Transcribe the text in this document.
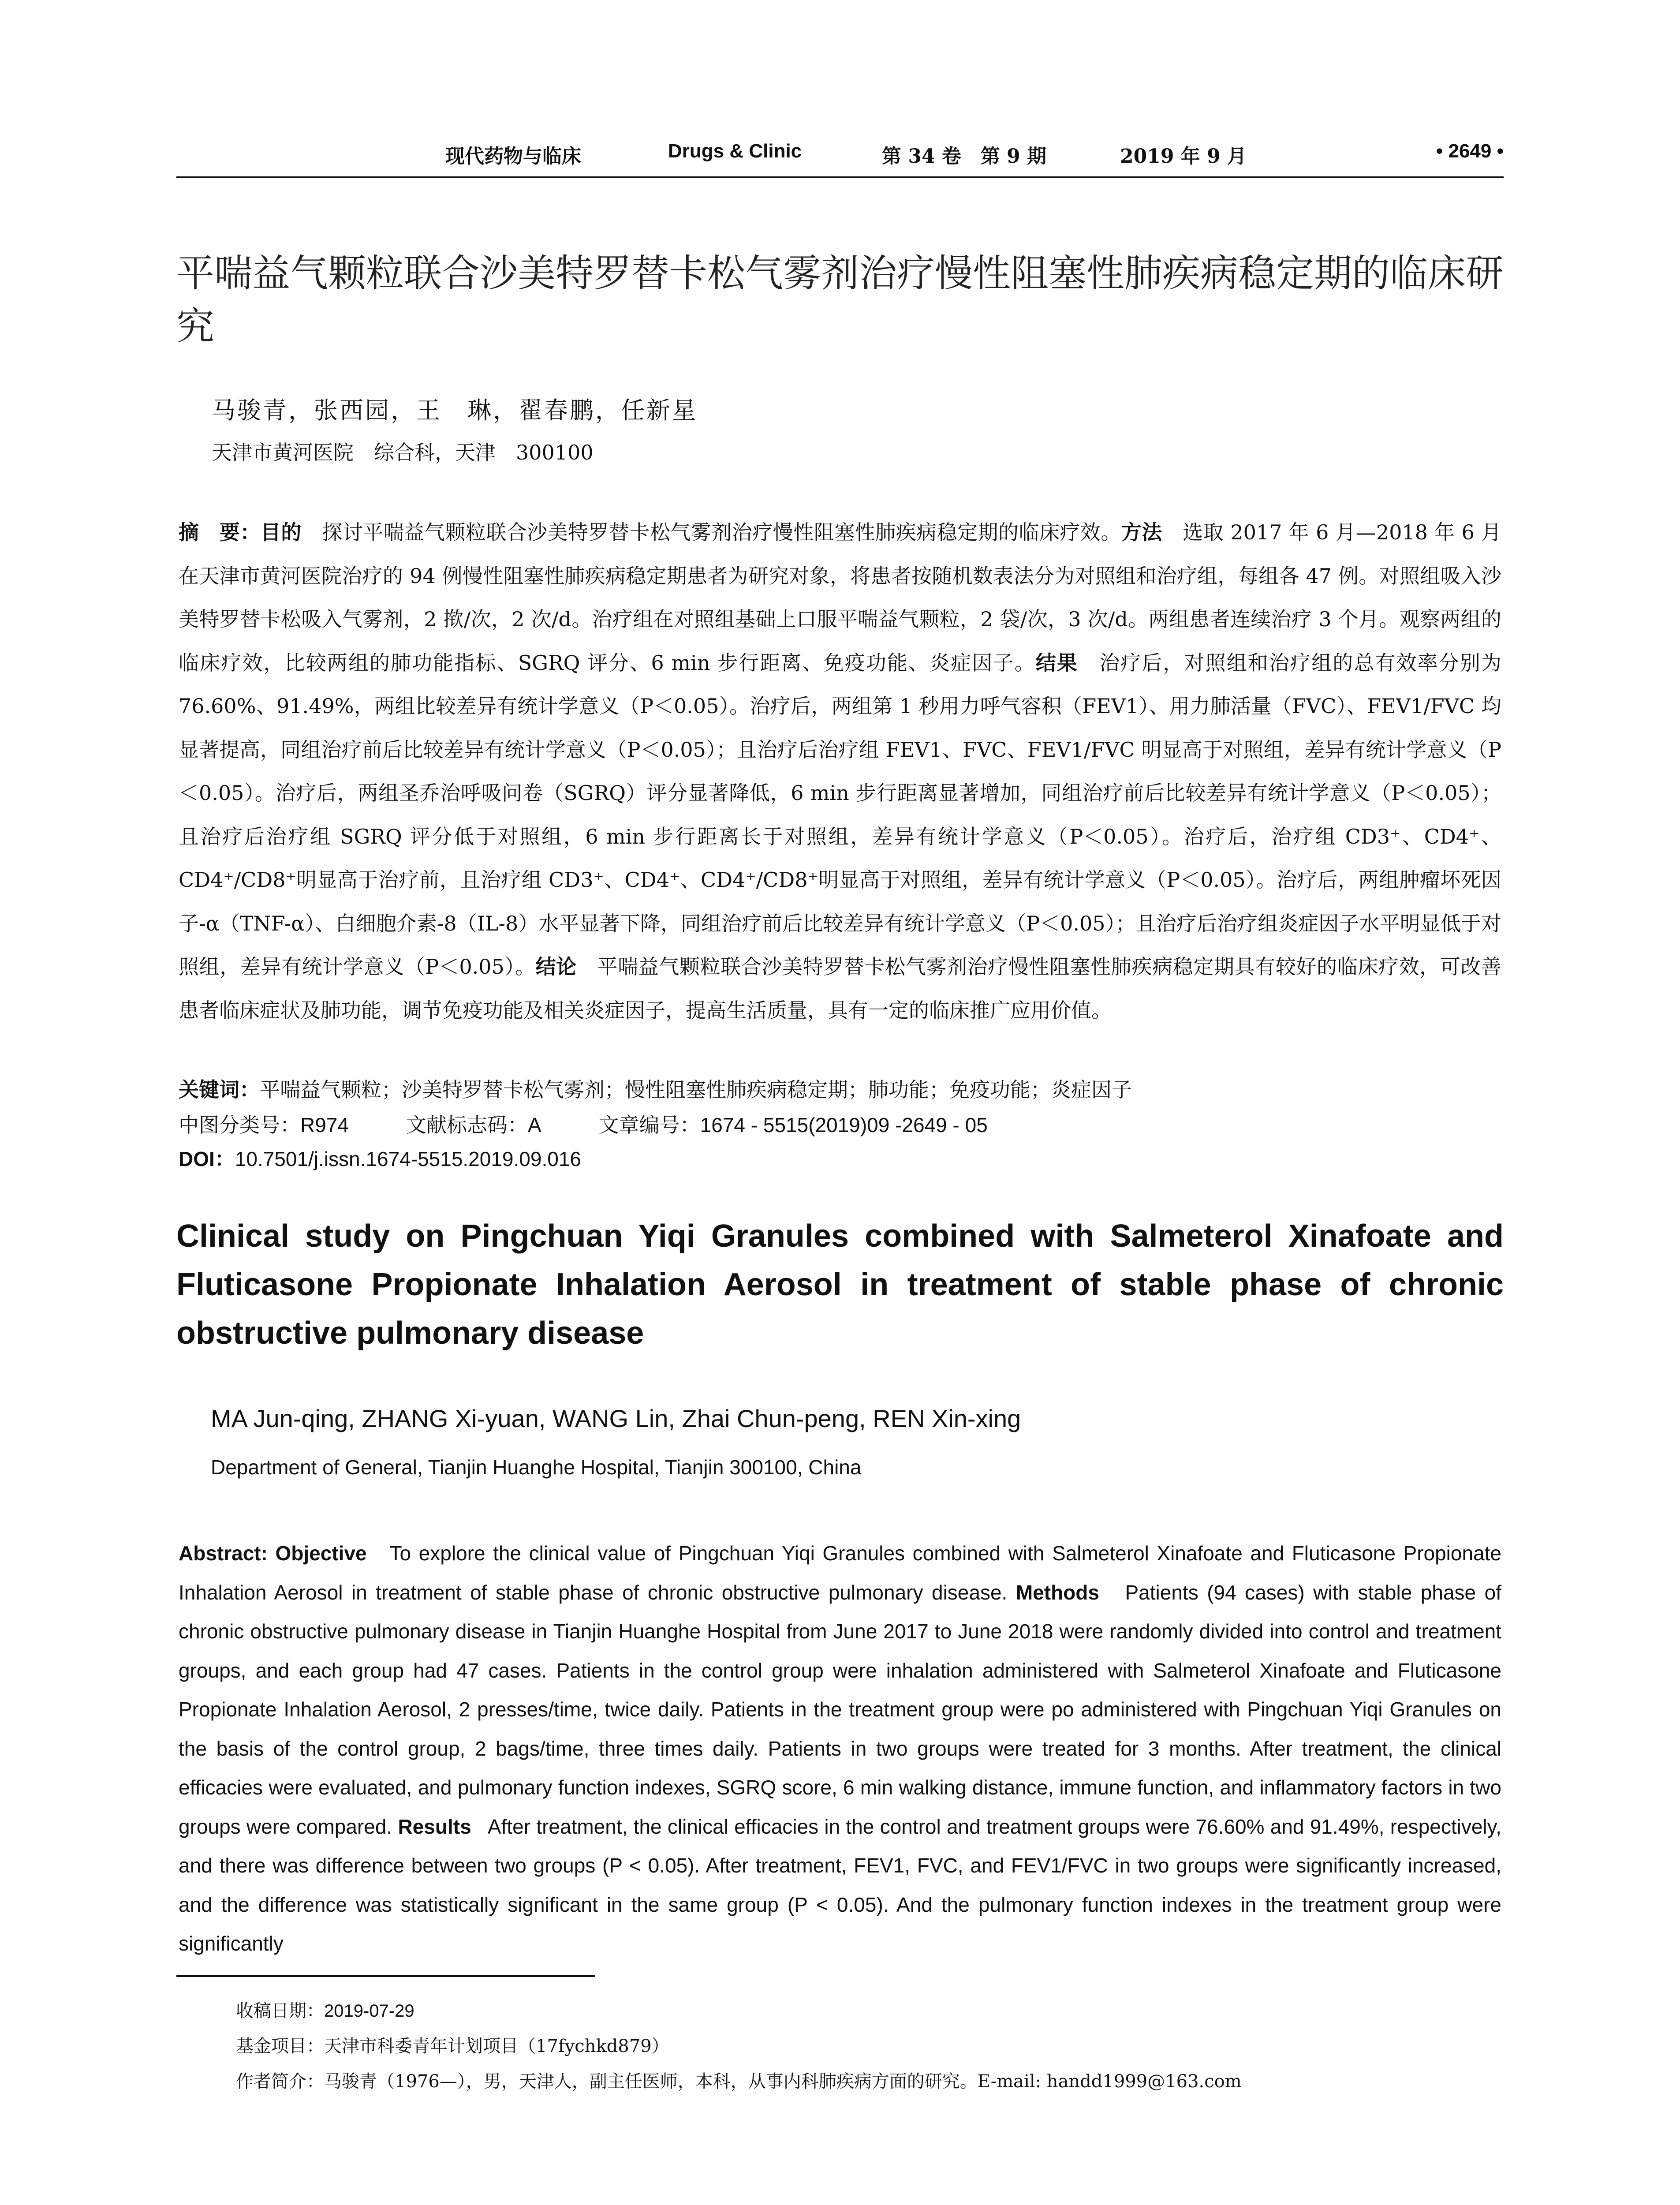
现代药物与临床	Drugs & Clinic	第 34 卷　第 9 期	2019 年 9 月	• 2649 •
平喘益气颗粒联合沙美特罗替卡松气雾剂治疗慢性阻塞性肺疾病稳定期的临床研究
马骏青，张西园，王　琳，翟春鹏，任新星
天津市黄河医院　综合科，天津　300100
摘　要：目的　 探讨平喘益气颗粒联合沙美特罗替卡松气雾剂治疗慢性阻塞性肺疾病稳定期的临床疗效。方法　 选取 2017 年 6 月—2018 年 6 月在天津市黄河医院治疗的 94 例慢性阻塞性肺疾病稳定期患者为研究对象，将患者按随机数表法分为对照组和治疗组，每组各 47 例。对照组吸入沙美特罗替卡松吸入气雾剂，2 揿/次，2 次/d。治疗组在对照组基础上口服平喘益气颗粒，2 袋/次，3 次/d。两组患者连续治疗 3 个月。观察两组的临床疗效，比较两组的肺功能指标、SGRQ 评分、6 min 步行距离、免疫功能、炎症因子。结果　 治疗后，对照组和治疗组的总有效率分别为 76.60%、91.49%，两组比较差异有统计学意义（P＜0.05）。治疗后，两组第 1 秒用力呼气容积（FEV1）、用力肺活量（FVC）、FEV1/FVC 均显著提高，同组治疗前后比较差异有统计学意义（P＜0.05）；且治疗后治疗组 FEV1、FVC、FEV1/FVC 明显高于对照组，差异有统计学意义（P＜0.05）。治疗后，两组圣乔治呼吸问卷（SGRQ）评分显著降低，6 min 步行距离显著增加，同组治疗前后比较差异有统计学意义（P＜0.05）；且治疗后治疗组 SGRQ 评分低于对照组，6 min 步行距离长于对照组，差异有统计学意义（P＜0.05）。治疗后，治疗组 CD3⁺、CD4⁺、CD4⁺/CD8⁺明显高于治疗前，且治疗组 CD3⁺、CD4⁺、CD4⁺/CD8⁺明显高于对照组，差异有统计学意义（P＜0.05）。治疗后，两组肿瘤坏死因子-α（TNF-α）、白细胞介素-8（IL-8）水平显著下降，同组治疗前后比较差异有统计学意义（P＜0.05）；且治疗后治疗组炎症因子水平明显低于对照组，差异有统计学意义（P＜0.05）。结论　 平喘益气颗粒联合沙美特罗替卡松气雾剂治疗慢性阻塞性肺疾病稳定期具有较好的临床疗效，可改善患者临床症状及肺功能，调节免疫功能及相关炎症因子，提高生活质量，具有一定的临床推广应用价值。
关键词：平喘益气颗粒；沙美特罗替卡松气雾剂；慢性阻塞性肺疾病稳定期；肺功能；免疫功能；炎症因子
中图分类号：R974	文献标志码：A	文章编号：1674 - 5515(2019)09 -2649 - 05
DOI：10.7501/j.issn.1674-5515.2019.09.016
Clinical study on Pingchuan Yiqi Granules combined with Salmeterol Xinafoate and Fluticasone Propionate Inhalation Aerosol in treatment of stable phase of chronic obstructive pulmonary disease
MA Jun-qing, ZHANG Xi-yuan, WANG Lin, Zhai Chun-peng, REN Xin-xing
Department of General, Tianjin Huanghe Hospital, Tianjin 300100, China
Abstract: Objective To explore the clinical value of Pingchuan Yiqi Granules combined with Salmeterol Xinafoate and Fluticasone Propionate Inhalation Aerosol in treatment of stable phase of chronic obstructive pulmonary disease. Methods Patients (94 cases) with stable phase of chronic obstructive pulmonary disease in Tianjin Huanghe Hospital from June 2017 to June 2018 were randomly divided into control and treatment groups, and each group had 47 cases. Patients in the control group were inhalation administered with Salmeterol Xinafoate and Fluticasone Propionate Inhalation Aerosol, 2 presses/time, twice daily. Patients in the treatment group were po administered with Pingchuan Yiqi Granules on the basis of the control group, 2 bags/time, three times daily. Patients in two groups were treated for 3 months. After treatment, the clinical efficacies were evaluated, and pulmonary function indexes, SGRQ score, 6 min walking distance, immune function, and inflammatory factors in two groups were compared. Results After treatment, the clinical efficacies in the control and treatment groups were 76.60% and 91.49%, respectively, and there was difference between two groups (P < 0.05). After treatment, FEV1, FVC, and FEV1/FVC in two groups were significantly increased, and the difference was statistically significant in the same group (P < 0.05). And the pulmonary function indexes in the treatment group were significantly
收稿日期：2019-07-29
基金项目：天津市科委青年计划项目（17fychkd879）
作者简介：马骏青（1976—），男，天津人，副主任医师，本科，从事内科肺疾病方面的研究。E-mail: handd1999@163.com
